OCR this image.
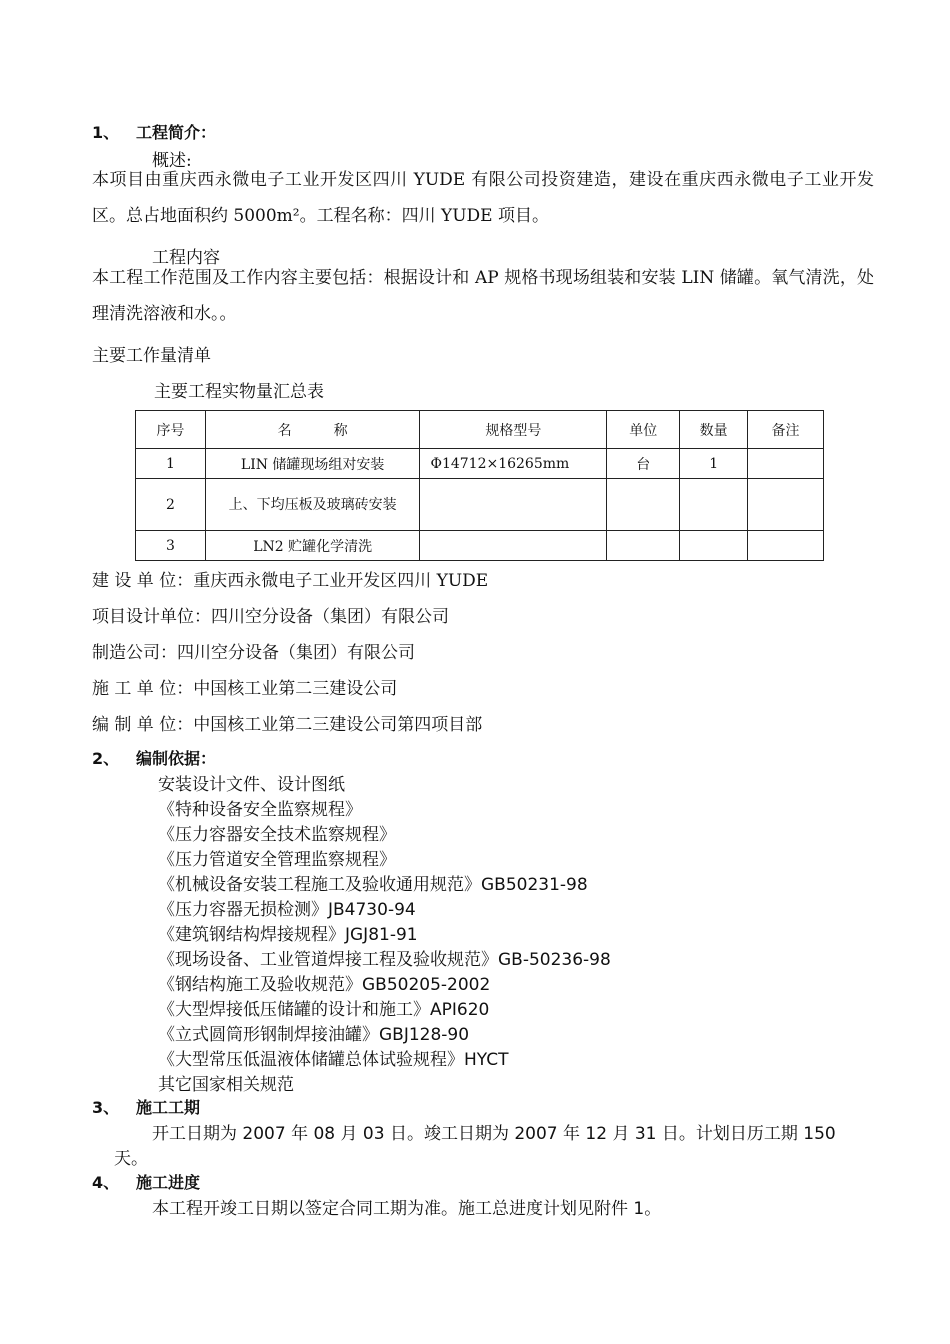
1、 工程简介：
概述:
本项目由重庆西永微电子工业开发区四川 YUDE 有限公司投资建造，建设在重庆西永微电子工业开发区。总占地面积约 5000m²。工程名称：四川 YUDE 项目。
工程内容
本工程工作范围及工作内容主要包括：根据设计和 AP 规格书现场组装和安装 LIN 储罐。氧气清洗，处理清洗溶液和水。。
主要工作量清单
主要工程实物量汇总表
序号	名　　　称	规格型号	单位	数量	备注
1	LIN 储罐现场组对安装	Φ14712×16265mm	台	1	
2	上、下均压板及玻璃砖安装				
3	LN2 贮罐化学清洗				
建 设 单 位：重庆西永微电子工业开发区四川 YUDE
项目设计单位：四川空分设备（集团）有限公司
制造公司：四川空分设备（集团）有限公司
施 工 单 位：中国核工业第二三建设公司
编 制 单 位：中国核工业第二三建设公司第四项目部
2、 编制依据：
安装设计文件、设计图纸
《特种设备安全监察规程》
《压力容器安全技术监察规程》
《压力管道安全管理监察规程》
《机械设备安装工程施工及验收通用规范》GB50231-98
《压力容器无损检测》JB4730-94
《建筑钢结构焊接规程》JGJ81-91
《现场设备、工业管道焊接工程及验收规范》GB-50236-98
《钢结构施工及验收规范》GB50205-2002
《大型焊接低压储罐的设计和施工》API620
《立式圆筒形钢制焊接油罐》GBJ128-90
《大型常压低温液体储罐总体试验规程》HYCT
其它国家相关规范
3、 施工工期
开工日期为 2007 年 08 月 03 日。竣工日期为 2007 年 12 月 31 日。计划日历工期 150
天。
4、 施工进度
本工程开竣工日期以签定合同工期为准。施工总进度计划见附件 1。
